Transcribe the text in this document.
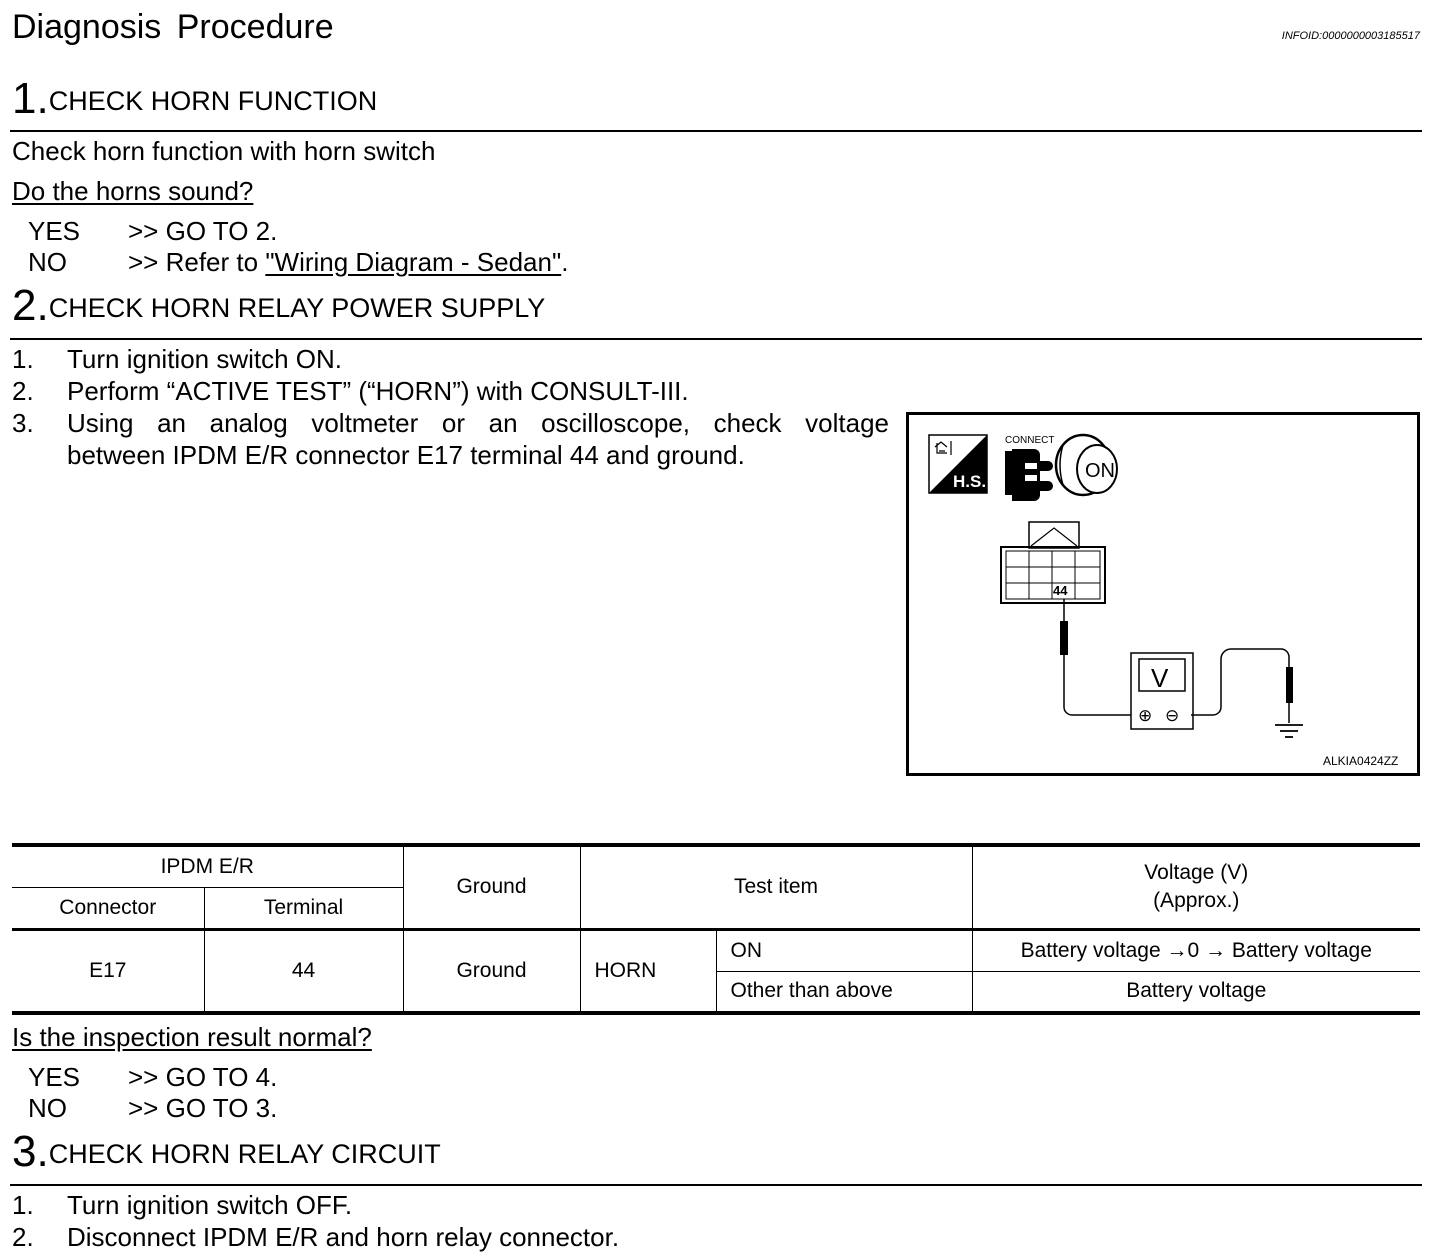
Diagnosis Procedure	INFOID:0000000003185517
1.CHECK HORN FUNCTION
Check horn function with horn switch
Do the horns sound?
YES >> GO TO 2.
NO >> Refer to "Wiring Diagram - Sedan".
2.CHECK HORN RELAY POWER SUPPLY
1. Turn ignition switch ON.
2. Perform “ACTIVE TEST” (“HORN”) with CONSULT-III.
3. Using an analog voltmeter or an oscilloscope, check voltage
between IPDM E/R connector E17 terminal 44 and ground.
H.S.
CONNECT
ON
44
V
⊕ ⊖
ALKIA0424ZZ
IPDM E/R		Ground	Test item		Voltage (V)
(Approx.)

Connector	Terminal				
E17	44	Ground	HORN	ON	Battery voltage →0 → Battery voltage
				Other than above	Battery voltage
Is the inspection result normal?
YES >> GO TO 4.
NO >> GO TO 3.
3.CHECK HORN RELAY CIRCUIT
1. Turn ignition switch OFF.
2. Disconnect IPDM E/R and horn relay connector.
